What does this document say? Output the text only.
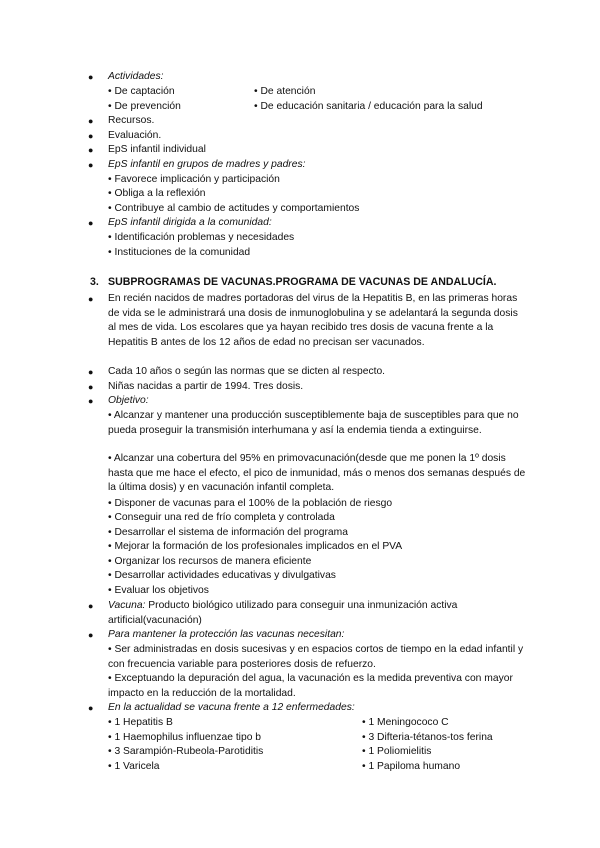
●	Actividades:
• De captación	• De atención
• De prevención	• De educación sanitaria / educación para la salud
●	Recursos.
●	Evaluación.
●	EpS infantil individual
●	EpS infantil en grupos de madres y padres:
• Favorece implicación y participación
• Obliga a la reflexión
• Contribuye al cambio de actitudes y comportamientos
●	EpS infantil dirigida a la comunidad:
• Identificación problemas y necesidades
• Instituciones de la comunidad
3. SUBPROGRAMAS DE VACUNAS.PROGRAMA DE VACUNAS DE ANDALUCÍA.
●	En recién nacidos de madres portadoras del virus de la Hepatitis B, en las primeras horas de vida se le administrará una dosis de inmunoglobulina y se adelantará la segunda dosis al mes de vida. Los escolares que ya hayan recibido tres dosis de vacuna frente a la Hepatitis B antes de los 12 años de edad no precisan ser vacunados.
●	Cada 10 años o según las normas que se dicten al respecto.
●	Niñas nacidas a partir de 1994. Tres dosis.
●	Objetivo:
• Alcanzar y mantener una producción susceptiblemente baja de susceptibles para que no pueda proseguir la transmisión interhumana y así la endemia tienda a extinguirse.
• Alcanzar una cobertura del 95% en primovacunación(desde que me ponen la 1º dosis hasta que me hace el efecto, el pico de inmunidad, más o menos dos semanas después de la última dosis) y en vacunación infantil completa.
• Disponer de vacunas para el 100% de la población de riesgo
• Conseguir una red de frío completa y controlada
• Desarrollar el sistema de información del programa
• Mejorar la formación de los profesionales implicados en el PVA
• Organizar los recursos de manera eficiente
• Desarrollar actividades educativas y divulgativas
• Evaluar los objetivos
●	Vacuna: Producto biológico utilizado para conseguir una inmunización activa artificial(vacunación)
●	Para mantener la protección las vacunas necesitan:
• Ser administradas en dosis sucesivas y en espacios cortos de tiempo en la edad infantil y con frecuencia variable para posteriores dosis de refuerzo.
• Exceptuando la depuración del agua, la vacunación es la medida preventiva con mayor impacto en la reducción de la mortalidad.
●	En la actualidad se vacuna frente a 12 enfermedades:
• 1 Hepatitis B	• 1 Meningococo C
• 1 Haemophilus influenzae tipo b	• 3 Difteria-tétanos-tos ferina
• 3 Sarampión-Rubeola-Parotiditis	• 1 Poliomielitis
• 1 Varicela	• 1 Papiloma humano
